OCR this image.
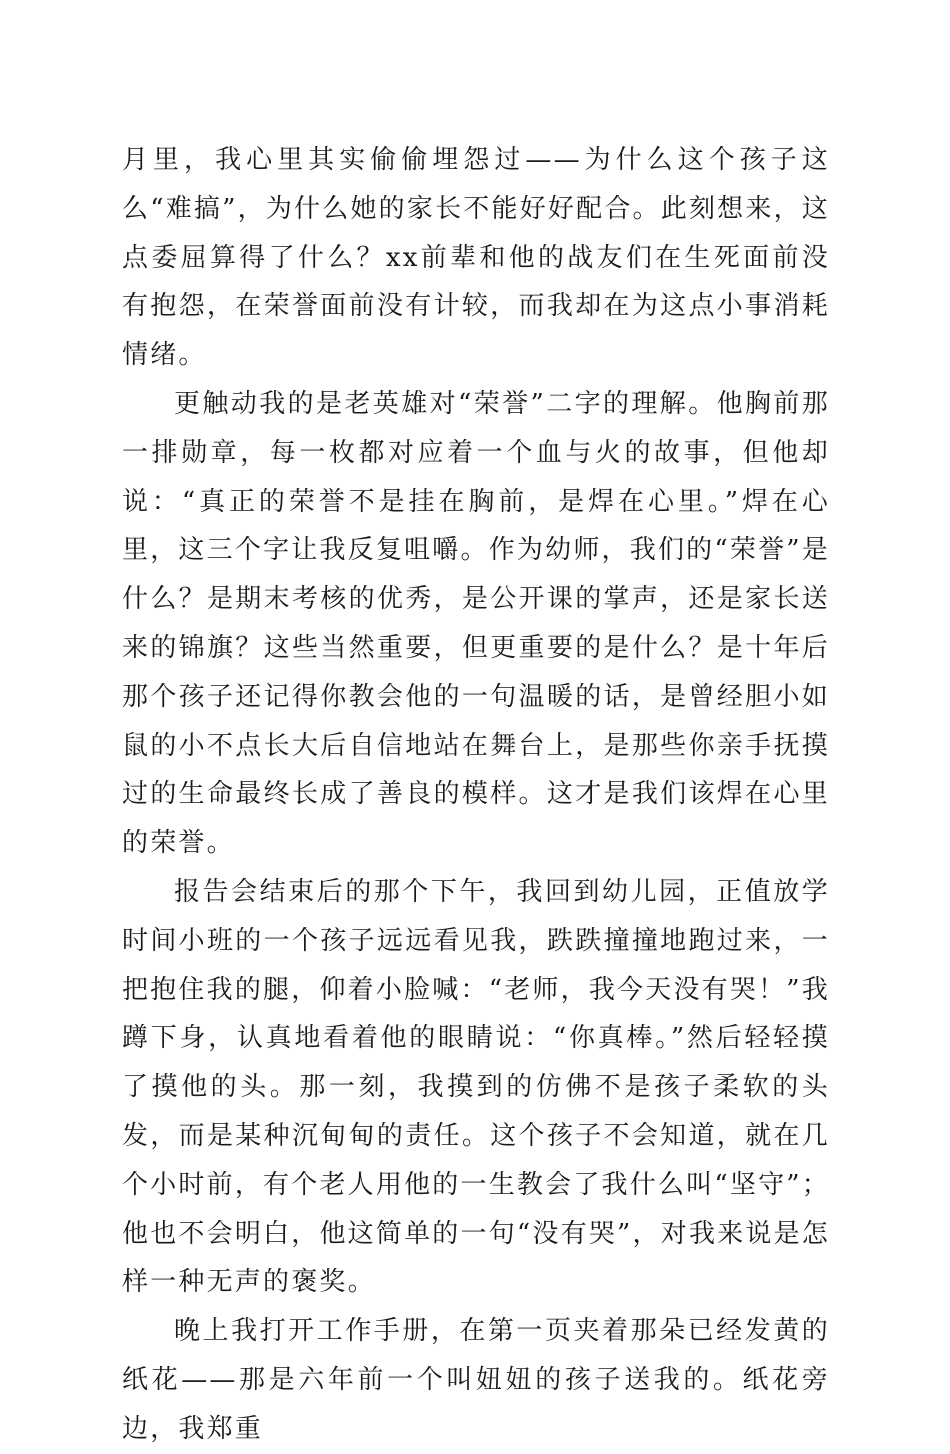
月里，我心里其实偷偷埋怨过——为什么这个孩子这么“难搞”，为什么她的家长不能好好配合。此刻想来，这点委屈算得了什么？xx前辈和他的战友们在生死面前没有抱怨，在荣誉面前没有计较，而我却在为这点小事消耗情绪。

更触动我的是老英雄对“荣誉”二字的理解。他胸前那一排勋章，每一枚都对应着一个血与火的故事，但他却说：“真正的荣誉不是挂在胸前，是焊在心里。”焊在心里，这三个字让我反复咀嚼。作为幼师，我们的“荣誉”是什么？是期末考核的优秀，是公开课的掌声，还是家长送来的锦旗？这些当然重要，但更重要的是什么？是十年后那个孩子还记得你教会他的一句温暖的话，是曾经胆小如鼠的小不点长大后自信地站在舞台上，是那些你亲手抚摸过的生命最终长成了善良的模样。这才是我们该焊在心里的荣誉。

报告会结束后的那个下午，我回到幼儿园，正值放学时间小班的一个孩子远远看见我，跌跌撞撞地跑过来，一把抱住我的腿，仰着小脸喊：“老师，我今天没有哭！”我蹲下身，认真地看着他的眼睛说：“你真棒。”然后轻轻摸了摸他的头。那一刻，我摸到的仿佛不是孩子柔软的头发，而是某种沉甸甸的责任。这个孩子不会知道，就在几个小时前，有个老人用他的一生教会了我什么叫“坚守”；他也不会明白，他这简单的一句“没有哭”，对我来说是怎样一种无声的褒奖。

晚上我打开工作手册，在第一页夹着那朵已经发黄的纸花——那是六年前一个叫妞妞的孩子送我的。纸花旁边，我郑重
